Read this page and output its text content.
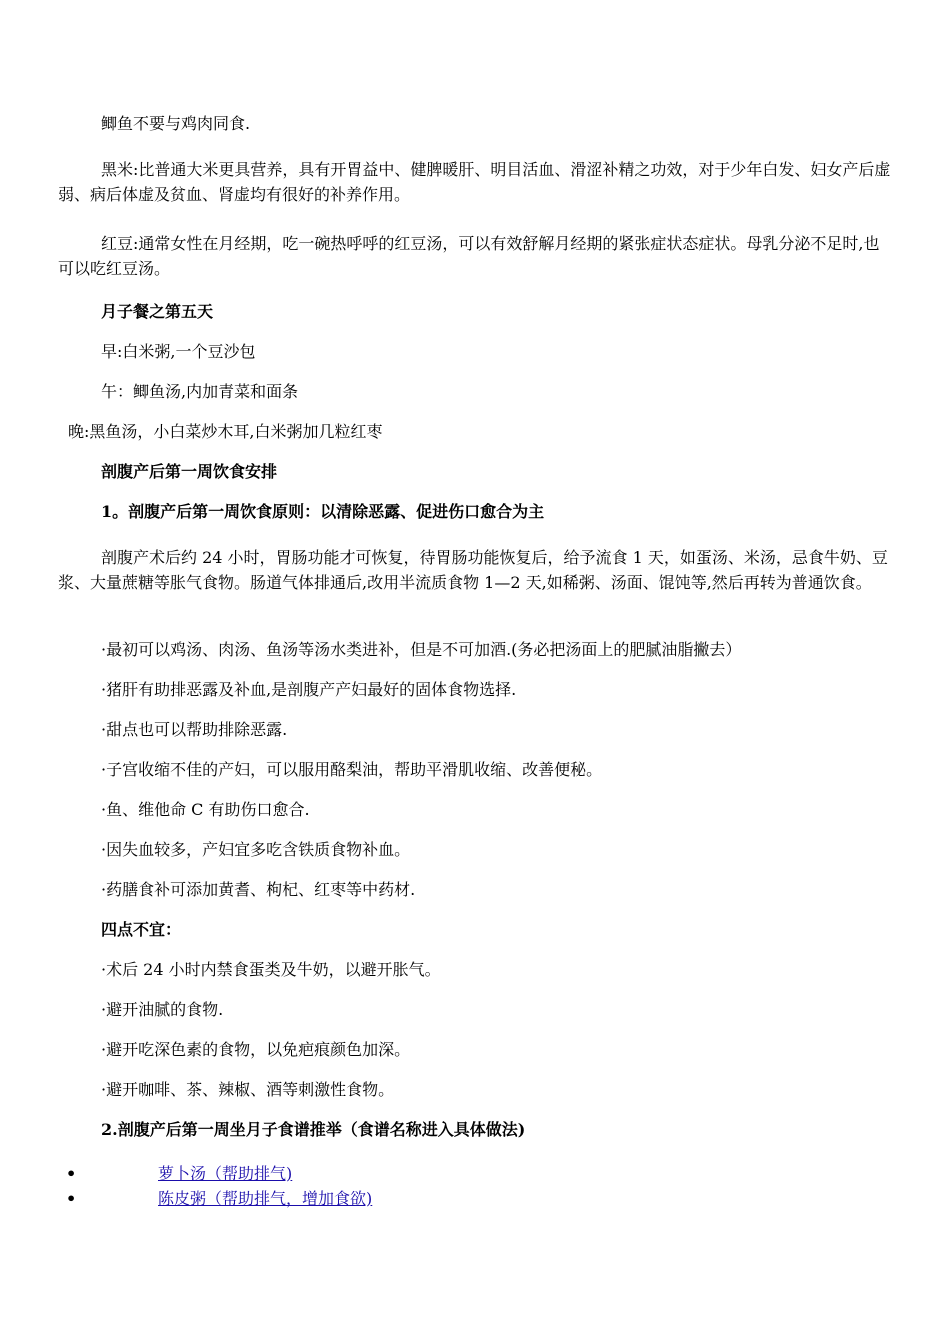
鲫鱼不要与鸡肉同食.

黑米:比普通大米更具营养，具有开胃益中、健脾暖肝、明目活血、滑涩补精之功效，对于少年白发、妇女产后虚弱、病后体虚及贫血、肾虚均有很好的补养作用。

红豆:通常女性在月经期，吃一碗热呼呼的红豆汤，可以有效舒解月经期的紧张症状态症状。母乳分泌不足时,也可以吃红豆汤。

月子餐之第五天

早:白米粥,一个豆沙包

午：鲫鱼汤,内加青菜和面条

晚:黑鱼汤，小白菜炒木耳,白米粥加几粒红枣

剖腹产后第一周饮食安排

1。剖腹产后第一周饮食原则：以清除恶露、促进伤口愈合为主

剖腹产术后约 24 小时，胃肠功能才可恢复，待胃肠功能恢复后，给予流食 1 天，如蛋汤、米汤，忌食牛奶、豆浆、大量蔗糖等胀气食物。肠道气体排通后,改用半流质食物 1—2 天,如稀粥、汤面、馄饨等,然后再转为普通饮食。

·最初可以鸡汤、肉汤、鱼汤等汤水类进补，但是不可加酒.(务必把汤面上的肥腻油脂撇去）

·猪肝有助排恶露及补血,是剖腹产产妇最好的固体食物选择.

·甜点也可以帮助排除恶露.

·子宫收缩不佳的产妇，可以服用酪梨油，帮助平滑肌收缩、改善便秘。

·鱼、维他命 C 有助伤口愈合.

·因失血较多，产妇宜多吃含铁质食物补血。

·药膳食补可添加黄耆、枸杞、红枣等中药材.

四点不宜：

·术后 24 小时内禁食蛋类及牛奶，以避开胀气。

·避开油腻的食物.

·避开吃深色素的食物，以免疤痕颜色加深。

·避开咖啡、茶、辣椒、酒等刺激性食物。

2.剖腹产后第一周坐月子食谱推举（食谱名称进入具体做法)

•	萝卜汤（帮助排气)
•	陈皮粥（帮助排气，增加食欲)
